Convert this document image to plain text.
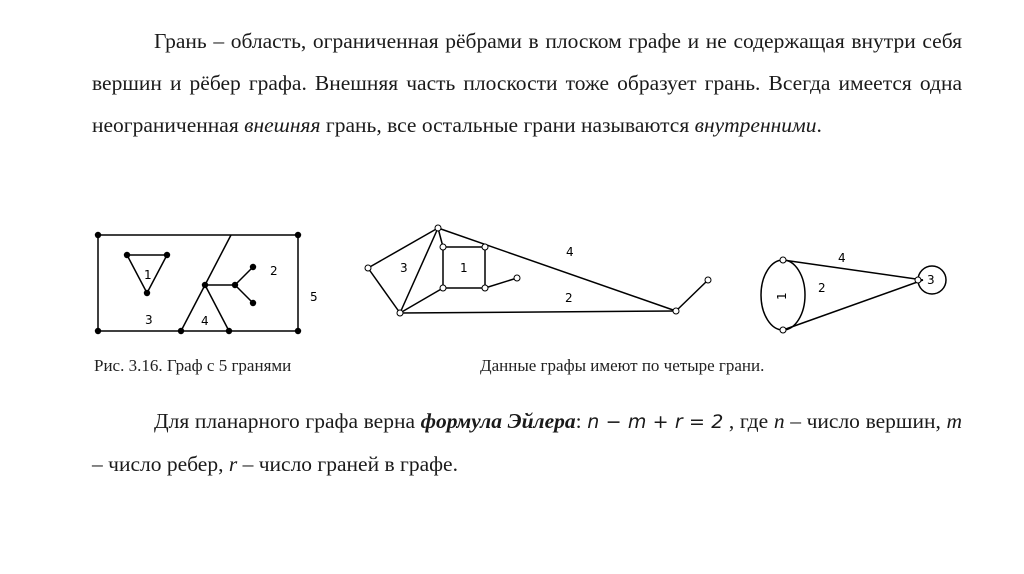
Грань – область, ограниченная рёбрами в плоском графе и не содержащая внутри себя вершин и рёбер графа. Внешняя часть плоскости тоже образует грань. Всегда имеется одна неограниченная внешняя грань, все остальные грани называются внутренними.
1	2
3	4
5
1
2
3
4
1
2
3
4
Рис. 3.16. Граф с 5 гранями	Данные графы имеют по четыре грани.
Для планарного графа верна формула Эйлера: n − m + r = 2 , где n – число вершин, m – число ребер, r – число граней в графе.
